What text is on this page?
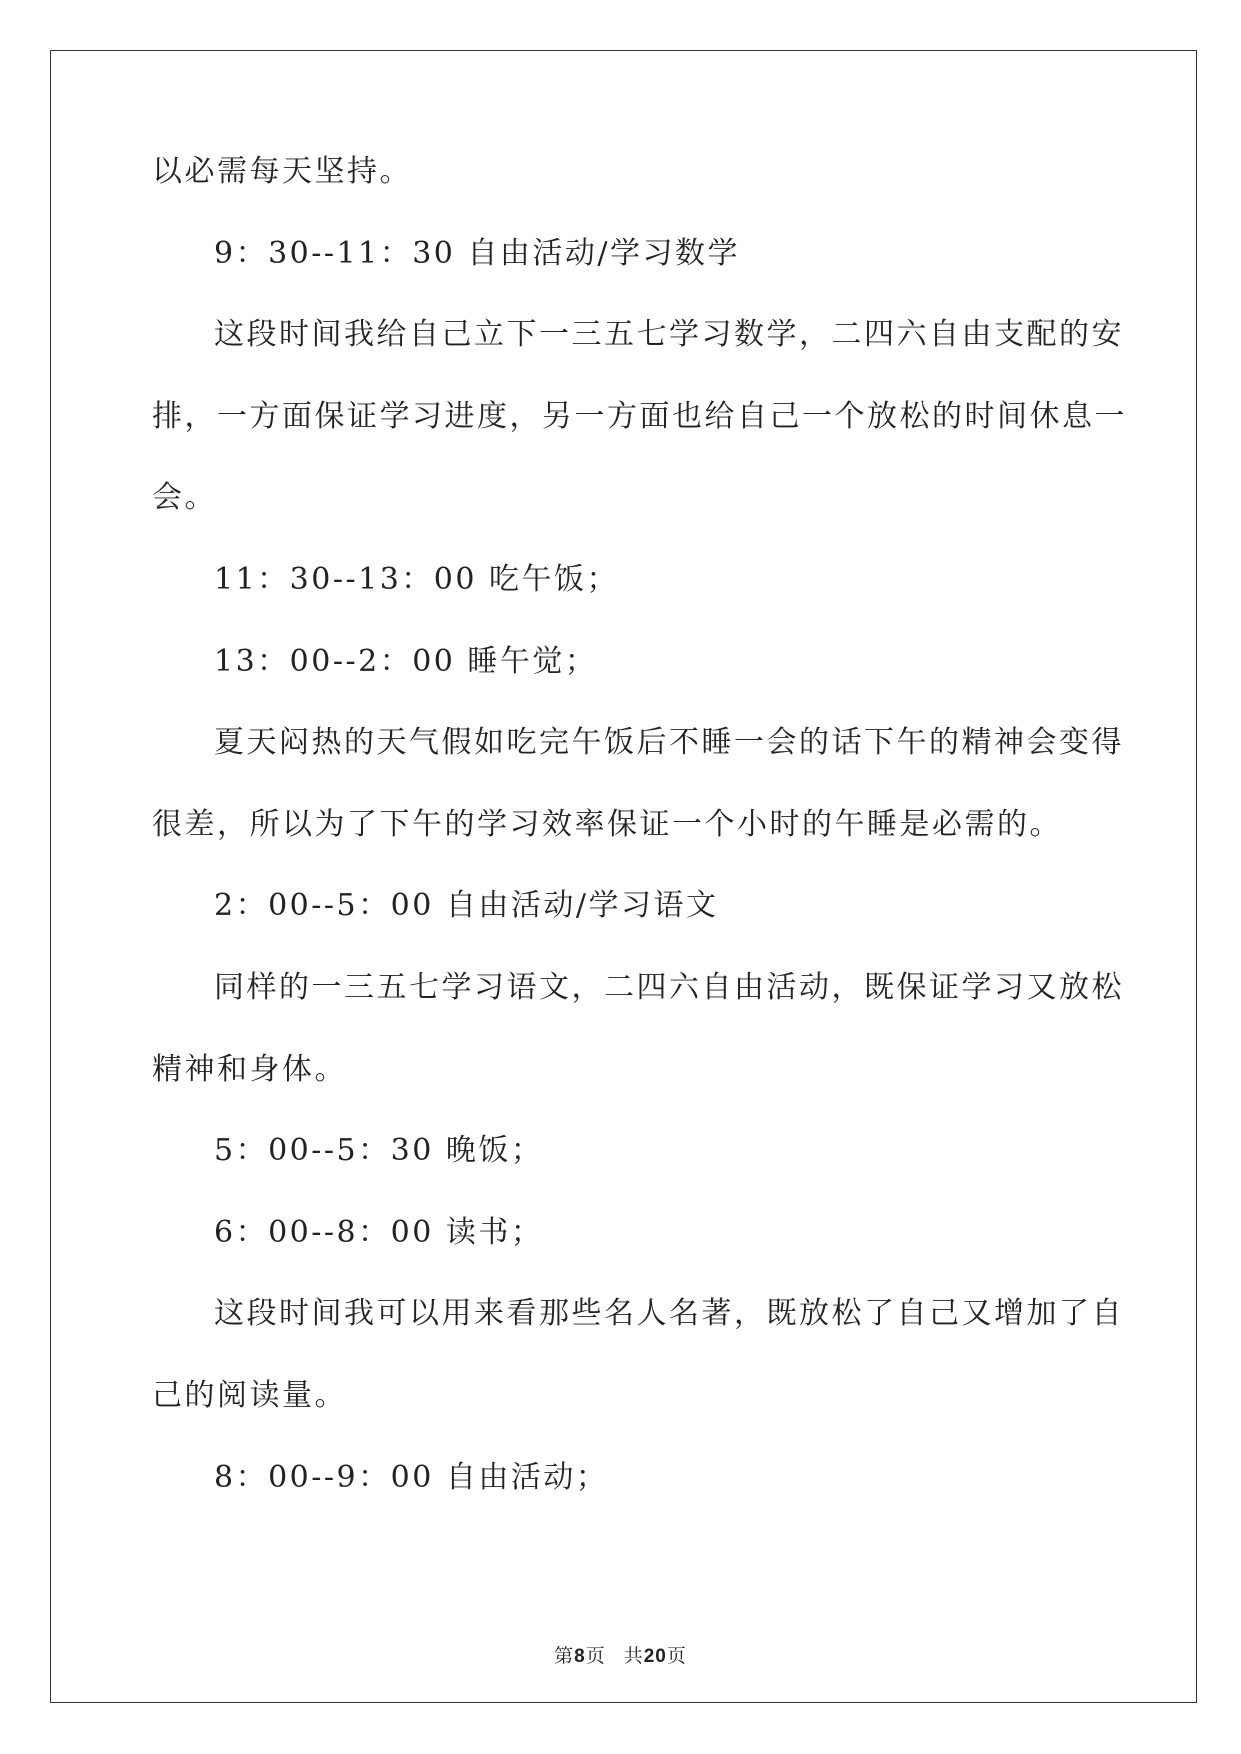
以必需每天坚持。
9：30--11：30 自由活动/学习数学
这段时间我给自己立下一三五七学习数学，二四六自由支配的安
排，一方面保证学习进度，另一方面也给自己一个放松的时间休息一
会。
11：30--13：00 吃午饭；
13：00--2：00 睡午觉；
夏天闷热的天气假如吃完午饭后不睡一会的话下午的精神会变得
很差，所以为了下午的学习效率保证一个小时的午睡是必需的。
2：00--5：00 自由活动/学习语文
同样的一三五七学习语文，二四六自由活动，既保证学习又放松
精神和身体。
5：00--5：30 晚饭；
6：00--8：00 读书；
这段时间我可以用来看那些名人名著，既放松了自己又增加了自
己的阅读量。
8：00--9：00 自由活动；
第8页 共20页
